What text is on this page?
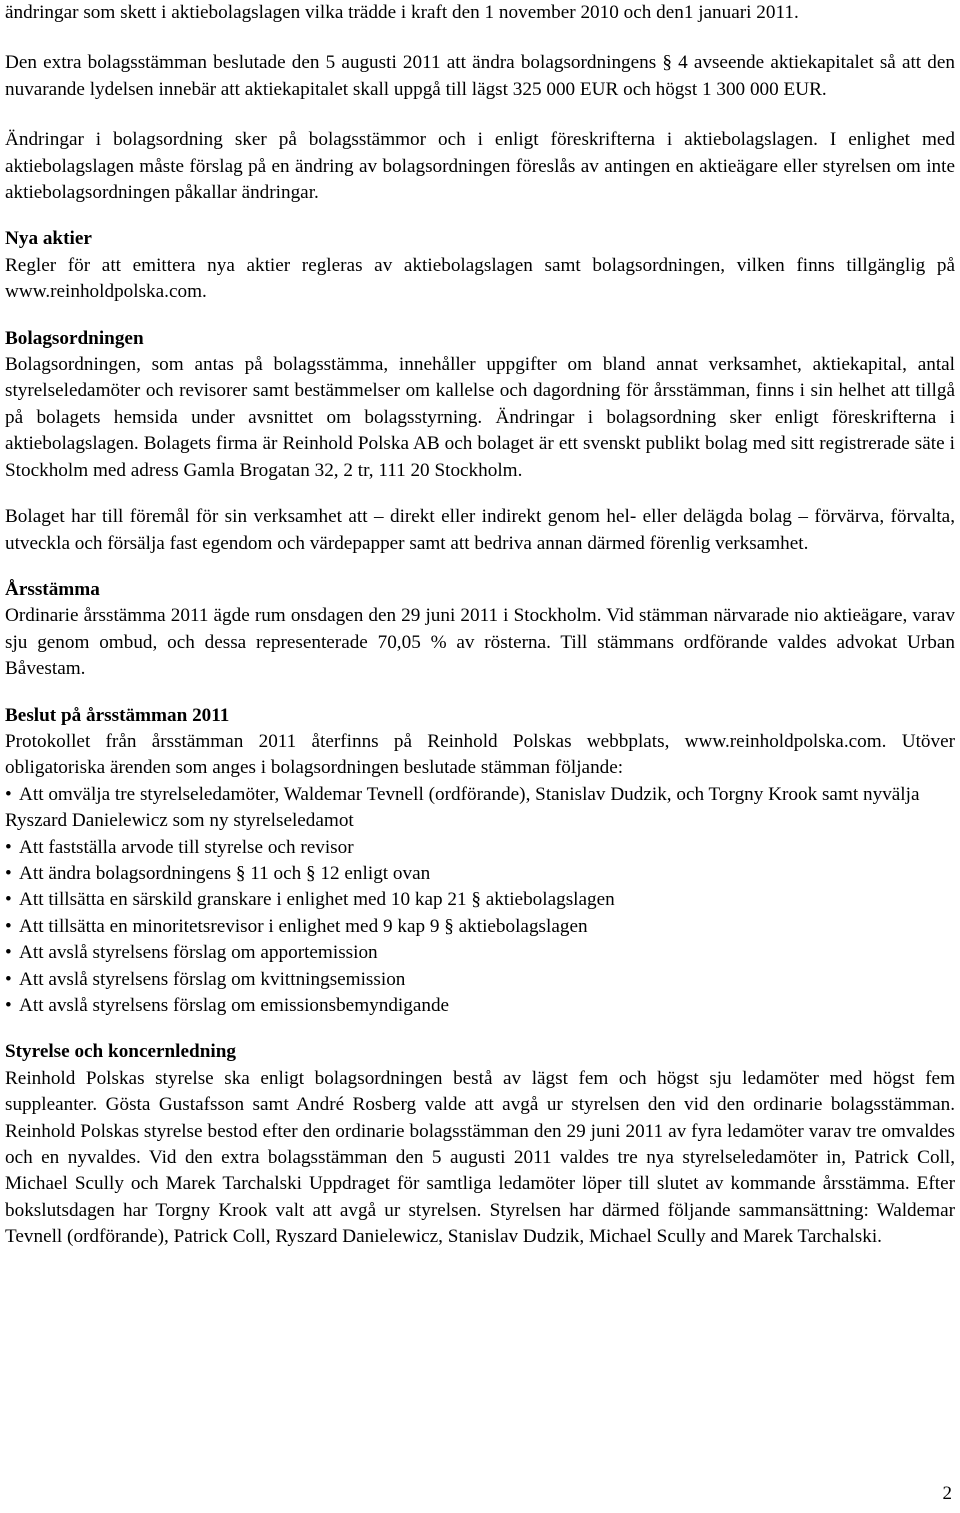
ändringar som skett i aktiebolagslagen vilka trädde i kraft den 1 november 2010 och den1 januari 2011.

Den extra bolagsstämman beslutade den 5 augusti 2011 att ändra bolagsordningens § 4 avseende aktiekapitalet så att den nuvarande lydelsen innebär att aktiekapitalet skall uppgå till lägst 325 000 EUR och högst 1 300 000 EUR.

Ändringar i bolagsordning sker på bolagsstämmor och i enligt föreskrifterna i aktiebolagslagen. I enlighet med aktiebolagslagen måste förslag på en ändring av bolagsordningen föreslås av antingen en aktieägare eller styrelsen om inte aktiebolagsordningen påkallar ändringar.

Nya aktier

Regler för att emittera nya aktier regleras av aktiebolagslagen samt bolagsordningen, vilken finns tillgänglig på www.reinholdpolska.com.

Bolagsordningen

Bolagsordningen, som antas på bolagsstämma, innehåller uppgifter om bland annat verksamhet, aktiekapital, antal styrelseledamöter och revisorer samt bestämmelser om kallelse och dagordning för årsstämman, finns i sin helhet att tillgå på bolagets hemsida under avsnittet om bolagsstyrning. Ändringar i bolagsordning sker enligt föreskrifterna i aktiebolagslagen. Bolagets firma är Reinhold Polska AB och bolaget är ett svenskt publikt bolag med sitt registrerade säte i Stockholm med adress Gamla Brogatan 32, 2 tr, 111 20 Stockholm.

Bolaget har till föremål för sin verksamhet att – direkt eller indirekt genom hel- eller delägda bolag – förvärva, förvalta, utveckla och försälja fast egendom och värdepapper samt att bedriva annan därmed förenlig verksamhet.

Årsstämma

Ordinarie årsstämma 2011 ägde rum onsdagen den 29 juni 2011 i Stockholm. Vid stämman närvarade nio aktieägare, varav sju genom ombud, och dessa representerade 70,05 % av rösterna. Till stämmans ordförande valdes advokat Urban Båvestam.

Beslut på årsstämman 2011

Protokollet från årsstämman 2011 återfinns på Reinhold Polskas webbplats, www.reinholdpolska.com. Utöver obligatoriska ärenden som anges i bolagsordningen beslutade stämman följande:

• Att omvälja tre styrelseledamöter, Waldemar Tevnell (ordförande), Stanislav Dudzik, och Torgny Krook samt nyvälja Ryszard Danielewicz som ny styrelseledamot
• Att fastställa arvode till styrelse och revisor
• Att ändra bolagsordningens § 11 och § 12 enligt ovan
• Att tillsätta en särskild granskare i enlighet med 10 kap 21 § aktiebolagslagen
• Att tillsätta en minoritetsrevisor i enlighet med 9 kap 9 § aktiebolagslagen
• Att avslå styrelsens förslag om apportemission
• Att avslå styrelsens förslag om kvittningsemission
• Att avslå styrelsens förslag om emissionsbemyndigande

Styrelse och koncernledning

Reinhold Polskas styrelse ska enligt bolagsordningen bestå av lägst fem och högst sju ledamöter med högst fem suppleanter. Gösta Gustafsson samt André Rosberg valde att avgå ur styrelsen den vid den ordinarie bolagsstämman. Reinhold Polskas styrelse bestod efter den ordinarie bolagsstämman den 29 juni 2011 av fyra ledamöter varav tre omvaldes och en nyvaldes. Vid den extra bolagsstämman den 5 augusti 2011 valdes tre nya styrelseledamöter in, Patrick Coll, Michael Scully och Marek Tarchalski Uppdraget för samtliga ledamöter löper till slutet av kommande årsstämma. Efter bokslutsdagen har Torgny Krook valt att avgå ur styrelsen. Styrelsen har därmed följande sammansättning: Waldemar Tevnell (ordförande), Patrick Coll, Ryszard Danielewicz, Stanislav Dudzik, Michael Scully and Marek Tarchalski.

2
